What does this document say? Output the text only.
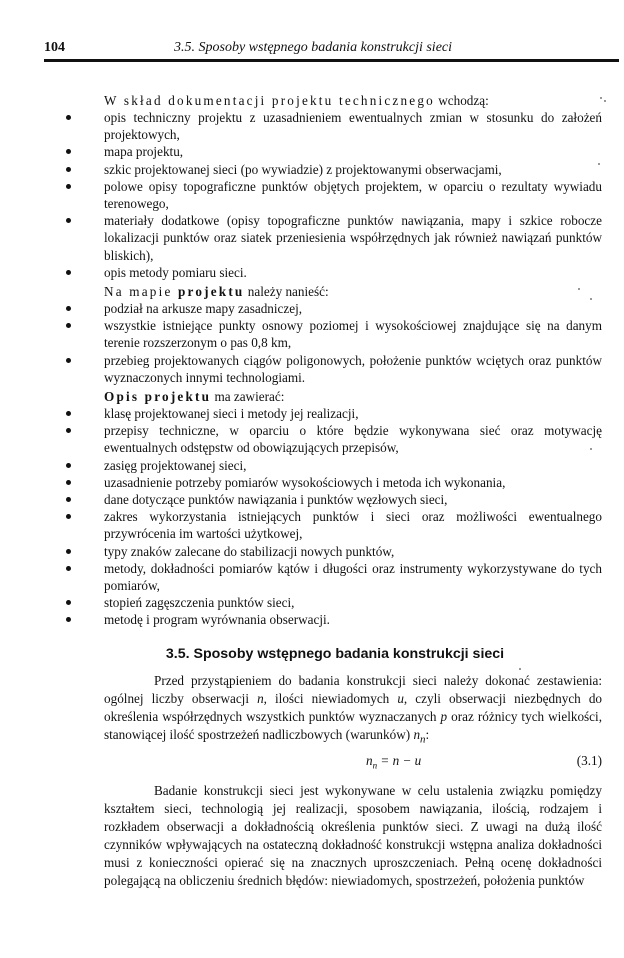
104	3.5. Sposoby wstępnego badania konstrukcji sieci
W skład dokumentacji projektu technicznego wchodzą:
opis techniczny projektu z uzasadnieniem ewentualnych zmian w stosunku do założeń projektowych,
mapa projektu,
szkic projektowanej sieci (po wywiadzie) z projektowanymi obserwacjami,
polowe opisy topograficzne punktów objętych projektem, w oparciu o rezultaty wywiadu terenowego,
materiały dodatkowe (opisy topograficzne punktów nawiązania, mapy i szkice robocze lokalizacji punktów oraz siatek przeniesienia współrzędnych jak również nawiązań punktów bliskich),
opis metody pomiaru sieci.
Na mapie projektu należy nanieść:
podział na arkusze mapy zasadniczej,
wszystkie istniejące punkty osnowy poziomej i wysokościowej znajdujące się na danym terenie rozszerzonym o pas 0,8 km,
przebieg projektowanych ciągów poligonowych, położenie punktów wciętych oraz punktów wyznaczonych innymi technologiami.
Opis projektu ma zawierać:
klasę projektowanej sieci i metody jej realizacji,
przepisy techniczne, w oparciu o które będzie wykonywana sieć oraz motywację ewentualnych odstępstw od obowiązujących przepisów,
zasięg projektowanej sieci,
uzasadnienie potrzeby pomiarów wysokościowych i metoda ich wykonania,
dane dotyczące punktów nawiązania i punktów węzłowych sieci,
zakres wykorzystania istniejących punktów i sieci oraz możliwości ewentualnego przywrócenia im wartości użytkowej,
typy znaków zalecane do stabilizacji nowych punktów,
metody, dokładności pomiarów kątów i długości oraz instrumenty wykorzystywane do tych pomiarów,
stopień zagęszczenia punktów sieci,
metodę i program wyrównania obserwacji.
3.5. Sposoby wstępnego badania konstrukcji sieci

Przed przystąpieniem do badania konstrukcji sieci należy dokonać zestawienia: ogólnej liczby obserwacji n, ilości niewiadomych u, czyli obserwacji niezbędnych do określenia współrzędnych wszystkich punktów wyznaczanych p oraz różnicy tych wielkości, stanowiącej ilość spostrzeżeń nadliczbowych (warunków) $n_n$:

$n_n = n - u$	(3.1)

Badanie konstrukcji sieci jest wykonywane w celu ustalenia związku pomiędzy kształtem sieci, technologią jej realizacji, sposobem nawiązania, ilością, rodzajem i rozkładem obserwacji a dokładnością określenia punktów sieci. Z uwagi na dużą ilość czynników wpływających na ostateczną dokładność konstrukcji wstępna analiza dokładności musi z konieczności opierać się na znacznych uproszczeniach. Pełną ocenę dokładności polegającą na obliczeniu średnich błędów: niewiadomych, spostrzeżeń, położenia punktów
